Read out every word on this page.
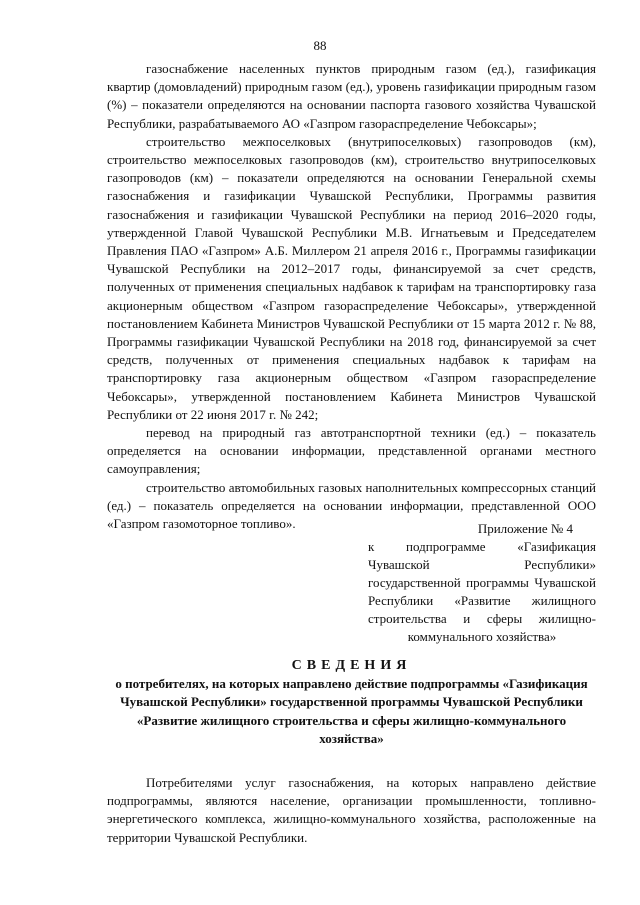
88

газоснабжение населенных пунктов природным газом (ед.), газификация квартир (домовладений) природным газом (ед.), уровень газификации природным газом (%) – показатели определяются на основании паспорта газового хозяйства Чувашской Республики, разрабатываемого АО «Газпром газораспределение Чебоксары»;

строительство межпоселковых (внутрипоселковых) газопроводов (км), строительство межпоселковых газопроводов (км), строительство внутрипоселковых газопроводов (км) – показатели определяются на основании Генеральной схемы газоснабжения и газификации Чувашской Республики, Программы развития газоснабжения и газификации Чувашской Республики на период 2016–2020 годы, утвержденной Главой Чувашской Республики М.В. Игнатьевым и Председателем Правления ПАО «Газпром» А.Б. Миллером 21 апреля 2016 г., Программы газификации Чувашской Республики на 2012–2017 годы, финансируемой за счет средств, полученных от применения специальных надбавок к тарифам на транспортировку газа акционерным обществом «Газпром газораспределение Чебоксары», утвержденной постановлением Кабинета Министров Чувашской Республики от 15 марта 2012 г. № 88, Программы газификации Чувашской Республики на 2018 год, финансируемой за счет средств, полученных от применения специальных надбавок к тарифам на транспортировку газа акционерным обществом «Газпром газораспределение Чебоксары», утвержденной постановлением Кабинета Министров Чувашской Республики от 22 июня 2017 г. № 242;

перевод на природный газ автотранспортной техники (ед.) – показатель определяется на основании информации, представленной органами местного самоуправления;

строительство автомобильных газовых наполнительных компрессорных станций (ед.) – показатель определяется на основании информации, представленной ООО «Газпром газомоторное топливо».	Приложение № 4

к подпрограмме «Газификация Чувашской Республики» государственной программы Чувашской Республики «Развитие жилищного строительства и сферы жилищно-коммунального хозяйства»

СВЕДЕНИЯ

о потребителях, на которых направлено действие подпрограммы «Газификация Чувашской Республики» государственной программы Чувашской Республики «Развитие жилищного строительства и сферы жилищно-коммунального хозяйства»

Потребителями услуг газоснабжения, на которых направлено действие подпрограммы, являются население, организации промышленности, топливно-энергетического комплекса, жилищно-коммунального хозяйства, расположенные на территории Чувашской Республики.
